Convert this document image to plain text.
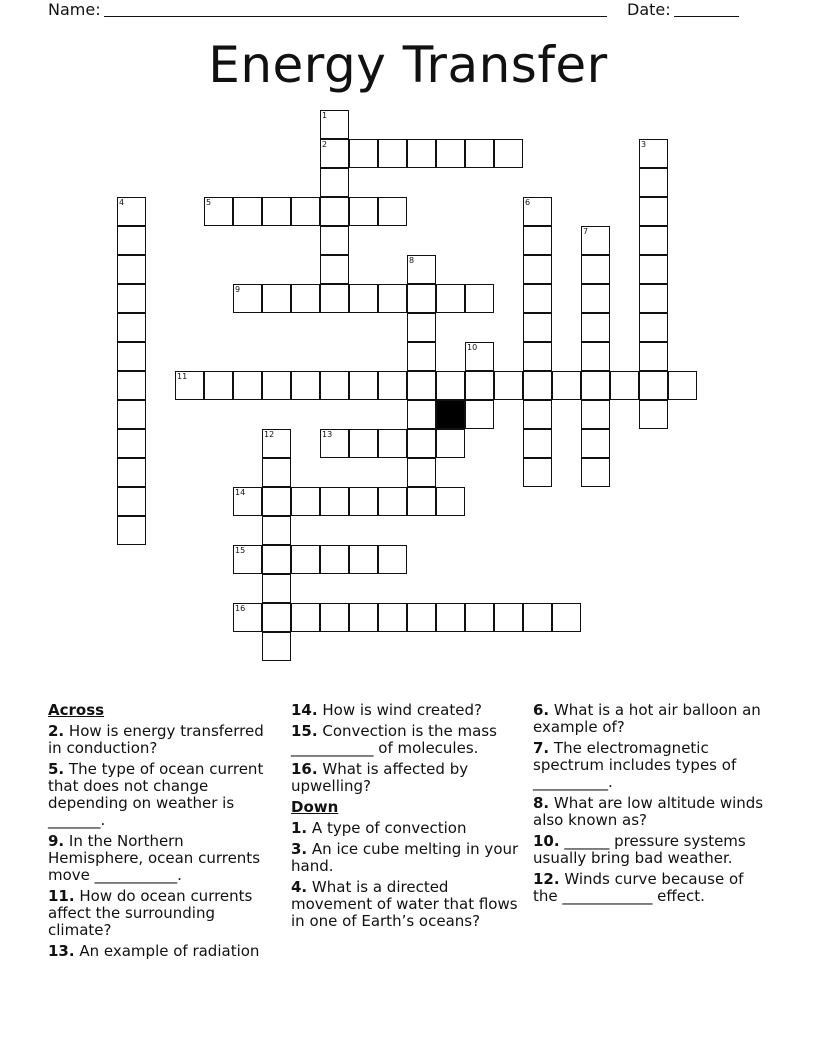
Name:	Date:
Energy Transfer
2
5
9
11
13
14
15
16
1
3
4	6
7
8
10
12
Across
2. How is energy transferred in conduction?
5. The type of ocean current that does not change depending on weather is _______.
9. In the Northern Hemisphere, ocean currents move ___________.
11. How do ocean currents affect the surrounding climate?
13. An example of radiation
14. How is wind created?
15. Convection is the mass ___________ of molecules.
16. What is affected by upwelling?
Down
1. A type of convection
3. An ice cube melting in your hand.
4. What is a directed movement of water that flows in one of Earth’s oceans?
6. What is a hot air balloon an example of?
7. The electromagnetic spectrum includes types of __________.
8. What are low altitude winds also known as?
10. ______ pressure systems usually bring bad weather.
12. Winds curve because of the ____________ effect.
